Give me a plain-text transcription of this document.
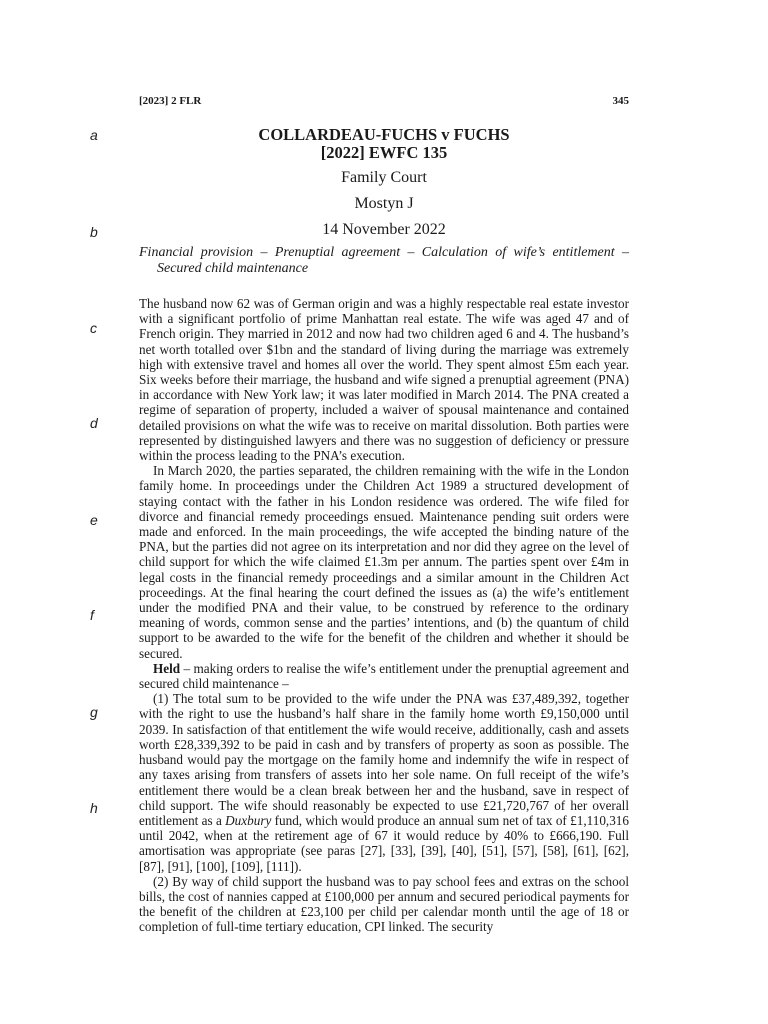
[2023] 2 FLR	345
a
b
c
d
e
f
g
h
COLLARDEAU-FUCHS v FUCHS
[2022] EWFC 135
Family Court
Mostyn J
14 November 2022
Financial provision – Prenuptial agreement – Calculation of wife’s entitlement – Secured child maintenance

The husband now 62 was of German origin and was a highly respectable real estate investor with a significant portfolio of prime Manhattan real estate. The wife was aged 47 and of French origin. They married in 2012 and now had two children aged 6 and 4. The husband’s net worth totalled over $1bn and the standard of living during the marriage was extremely high with extensive travel and homes all over the world. They spent almost £5m each year. Six weeks before their marriage, the husband and wife signed a prenuptial agreement (PNA) in accordance with New York law; it was later modified in March 2014. The PNA created a regime of separation of property, included a waiver of spousal maintenance and contained detailed provisions on what the wife was to receive on marital dissolution. Both parties were represented by distinguished lawyers and there was no suggestion of deficiency or pressure within the process leading to the PNA’s execution.

In March 2020, the parties separated, the children remaining with the wife in the London family home. In proceedings under the Children Act 1989 a structured development of staying contact with the father in his London residence was ordered. The wife filed for divorce and financial remedy proceedings ensued. Maintenance pending suit orders were made and enforced. In the main proceedings, the wife accepted the binding nature of the PNA, but the parties did not agree on its interpretation and nor did they agree on the level of child support for which the wife claimed £1.3m per annum. The parties spent over £4m in legal costs in the financial remedy proceedings and a similar amount in the Children Act proceedings. At the final hearing the court defined the issues as (a) the wife’s entitlement under the modified PNA and their value, to be construed by reference to the ordinary meaning of words, common sense and the parties’ intentions, and (b) the quantum of child support to be awarded to the wife for the benefit of the children and whether it should be secured.

Held – making orders to realise the wife’s entitlement under the prenuptial agreement and secured child maintenance –

(1) The total sum to be provided to the wife under the PNA was £37,489,392, together with the right to use the husband’s half share in the family home worth £9,150,000 until 2039. In satisfaction of that entitlement the wife would receive, additionally, cash and assets worth £28,339,392 to be paid in cash and by transfers of property as soon as possible. The husband would pay the mortgage on the family home and indemnify the wife in respect of any taxes arising from transfers of assets into her sole name. On full receipt of the wife’s entitlement there would be a clean break between her and the husband, save in respect of child support. The wife should reasonably be expected to use £21,720,767 of her overall entitlement as a Duxbury fund, which would produce an annual sum net of tax of £1,110,316 until 2042, when at the retirement age of 67 it would reduce by 40% to £666,190. Full amortisation was appropriate (see paras [27], [33], [39], [40], [51], [57], [58], [61], [62], [87], [91], [100], [109], [111]).

(2) By way of child support the husband was to pay school fees and extras on the school bills, the cost of nannies capped at £100,000 per annum and secured periodical payments for the benefit of the children at £23,100 per child per calendar month until the age of 18 or completion of full-time tertiary education, CPI linked. The security
